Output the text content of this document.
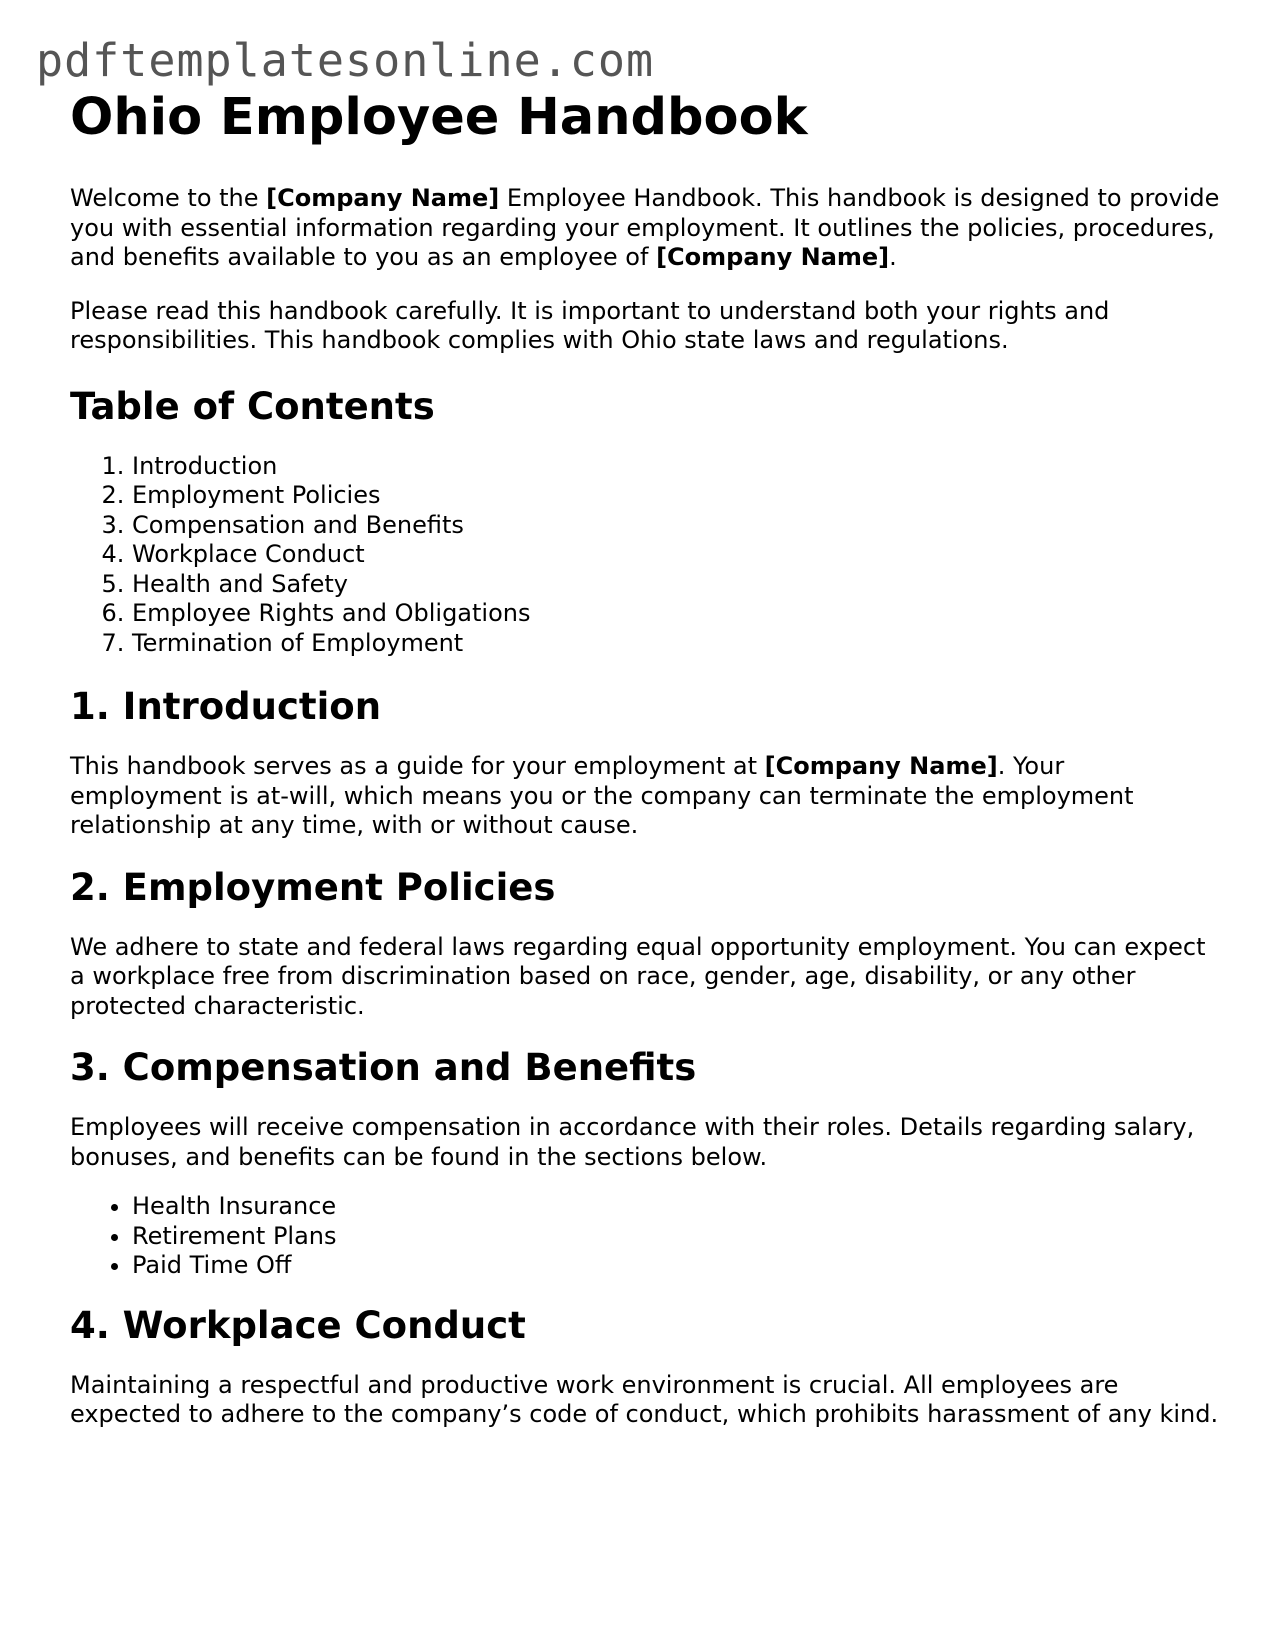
pdftemplatesonline.com
Ohio Employee Handbook

Welcome to the [Company Name] Employee Handbook. This handbook is designed to provide you with essential information regarding your employment. It outlines the policies, procedures, and benefits available to you as an employee of [Company Name].

Please read this handbook carefully. It is important to understand both your rights and responsibilities. This handbook complies with Ohio state laws and regulations.

Table of Contents
1. Introduction
2. Employment Policies
3. Compensation and Benefits
4. Workplace Conduct
5. Health and Safety
6. Employee Rights and Obligations
7. Termination of Employment
1. Introduction

This handbook serves as a guide for your employment at [Company Name]. Your employment is at-will, which means you or the company can terminate the employment relationship at any time, with or without cause.

2. Employment Policies

We adhere to state and federal laws regarding equal opportunity employment. You can expect a workplace free from discrimination based on race, gender, age, disability, or any other protected characteristic.

3. Compensation and Benefits

Employees will receive compensation in accordance with their roles. Details regarding salary, bonuses, and benefits can be found in the sections below.

• Health Insurance
• Retirement Plans
• Paid Time Off
4. Workplace Conduct

Maintaining a respectful and productive work environment is crucial. All employees are expected to adhere to the company’s code of conduct, which prohibits harassment of any kind.
